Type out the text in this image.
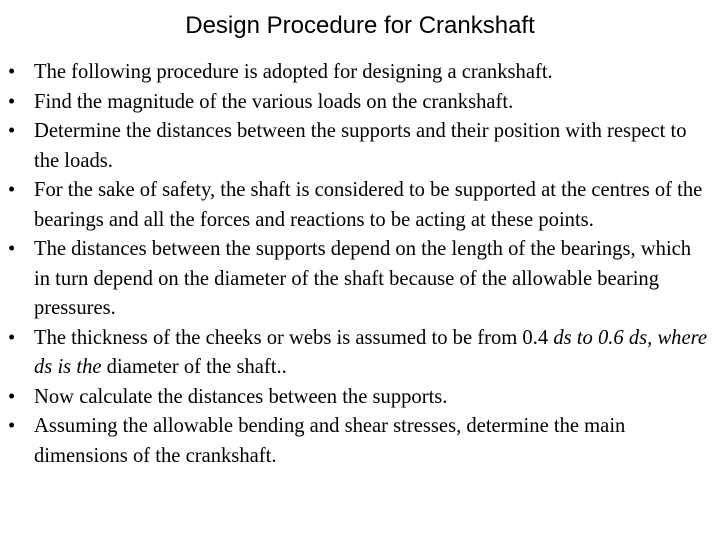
Design Procedure for Crankshaft
• The following procedure is adopted for designing a crankshaft.
• Find the magnitude of the various loads on the crankshaft.
• Determine the distances between the supports and their position with respect to the loads.
• For the sake of safety, the shaft is considered to be supported at the centres of the bearings and all the forces and reactions to be acting at these points.
• The distances between the supports depend on the length of the bearings, which in turn depend on the diameter of the shaft because of the allowable bearing pressures.
• The thickness of the cheeks or webs is assumed to be from 0.4 ds to 0.6 ds, where ds is the diameter of the shaft..
• Now calculate the distances between the supports.
• Assuming the allowable bending and shear stresses, determine the main dimensions of the crankshaft.
